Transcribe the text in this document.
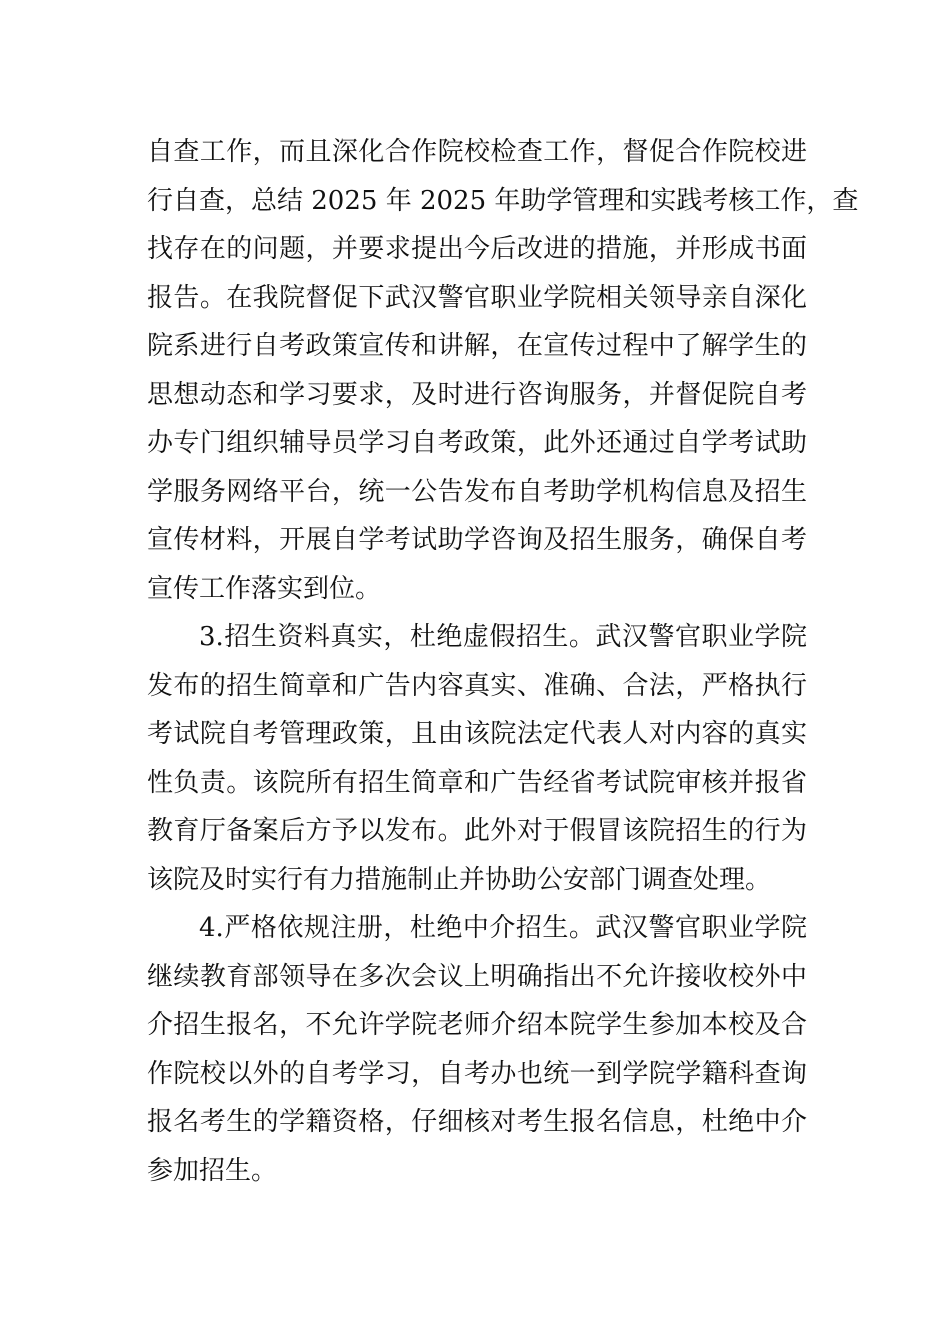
自查工作，而且深化合作院校检查工作，督促合作院校进
行自查，总结 2025 年 2025 年助学管理和实践考核工作，查
找存在的问题，并要求提出今后改进的措施，并形成书面
报告。在我院督促下武汉警官职业学院相关领导亲自深化
院系进行自考政策宣传和讲解，在宣传过程中了解学生的
思想动态和学习要求，及时进行咨询服务，并督促院自考
办专门组织辅导员学习自考政策，此外还通过自学考试助
学服务网络平台，统一公告发布自考助学机构信息及招生
宣传材料，开展自学考试助学咨询及招生服务，确保自考
宣传工作落实到位。
3.招生资料真实，杜绝虚假招生。武汉警官职业学院
发布的招生简章和广告内容真实、准确、合法，严格执行
考试院自考管理政策，且由该院法定代表人对内容的真实
性负责。该院所有招生简章和广告经省考试院审核并报省
教育厅备案后方予以发布。此外对于假冒该院招生的行为
该院及时实行有力措施制止并协助公安部门调查处理。
4.严格依规注册，杜绝中介招生。武汉警官职业学院
继续教育部领导在多次会议上明确指出不允许接收校外中
介招生报名，不允许学院老师介绍本院学生参加本校及合
作院校以外的自考学习，自考办也统一到学院学籍科查询
报名考生的学籍资格，仔细核对考生报名信息，杜绝中介
参加招生。
